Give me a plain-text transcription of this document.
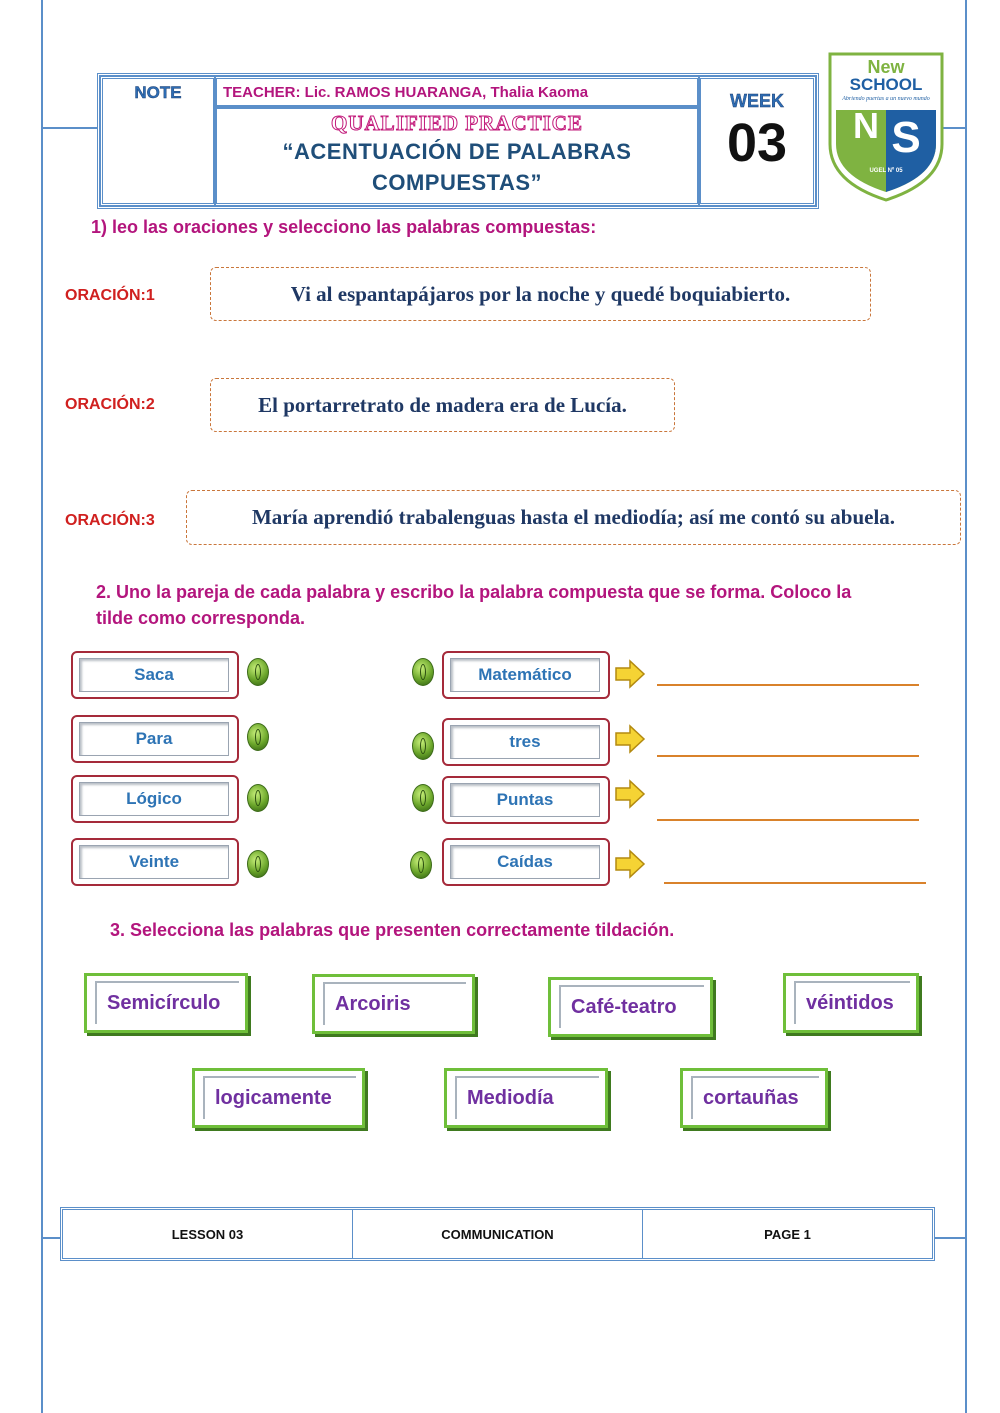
NOTE	TEACHER: Lic. RAMOS HUARANGA, Thalia Kaoma
QUALIFIED PRACTICE
“ACENTUACIÓN DE PALABRAS
COMPUESTAS”
WEEK
03	N S
New
SCHOOL
Abriendo puertas a un nuevo mundo
UGEL Nº 05
1) leo las oraciones y selecciono las palabras compuestas:
ORACIÓN:1	Vi al espantapájaros por la noche y quedé boquiabierto.
ORACIÓN:2	El portarretrato de madera era de Lucía.
ORACIÓN:3	María aprendió trabalenguas hasta el mediodía; así me contó su abuela.
2. Uno la pareja de cada palabra y escribo la palabra compuesta que se forma. Coloco la
tilde como corresponda.
Saca	Matemático
Para	tres
Lógico	Puntas
Veinte	Caídas
3. Selecciona las palabras que presenten correctamente tildación.
Semicírculo	Arcoiris	Café-teatro	véintidos
logicamente	Mediodía	cortauñas
LESSON 03	COMMUNICATION	PAGE 1
